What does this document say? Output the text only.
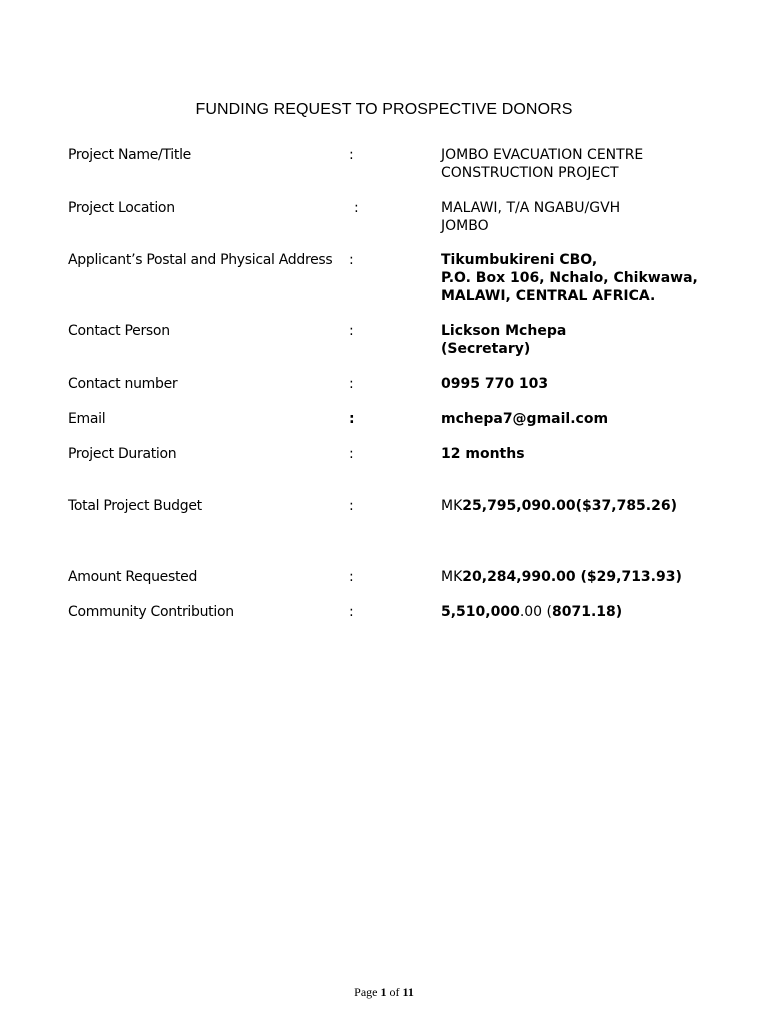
FUNDING REQUEST TO PROSPECTIVE DONORS
Project Name/Title	:	JOMBO EVACUATION CENTRE
CONSTRUCTION PROJECT
Project Location	:	MALAWI, T/A NGABU/GVH
JOMBO
Applicant’s Postal and Physical Address :	Tikumbukireni CBO,
P.O. Box 106, Nchalo, Chikwawa,
MALAWI, CENTRAL AFRICA.
Contact Person	:	Lickson Mchepa
(Secretary)
Contact number	:	0995 770 103
Email	:	mchepa7@gmail.com
Project Duration	:	12 months
Total Project Budget	:	MK25,795,090.00($37,785.26)
Amount Requested	:	MK20,284,990.00 ($29,713.93)
Community Contribution	:	5,510,000.00 (8071.18)
Page 1 of 11
